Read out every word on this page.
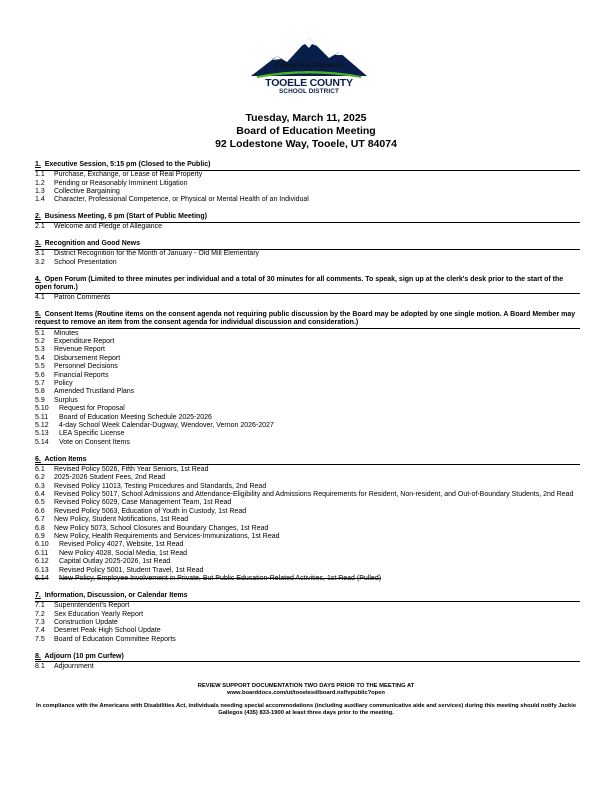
Education Elevated
TOOELE COUNTY
SCHOOL DISTRICT
Tuesday, March 11, 2025
Board of Education Meeting
92 Lodestone Way, Tooele, UT 84074
1. Executive Session, 5:15 pm (Closed to the Public)
1.1	Purchase, Exchange, or Lease of Real Property
1.2	Pending or Reasonably Imminent Litigation
1.3	Collective Bargaining
1.4	Character, Professional Competence, or Physical or Mental Health of an Individual
2. Business Meeting, 6 pm (Start of Public Meeting)
2.1	Welcome and Pledge of Allegiance
3. Recognition and Good News
3.1	District Recognition for the Month of January - Old Mill Elementary
3.2	School Presentation
4. Open Forum (Limited to three minutes per individual and a total of 30 minutes for all comments. To speak, sign up at the clerk's desk prior to the start of the open forum.)
4.1	Patron Comments
5. Consent Items (Routine items on the consent agenda not requiring public discussion by the Board may be adopted by one single motion. A Board Member may request to remove an item from the consent agenda for individual discussion and consideration.)
5.1	Minutes
5.2	Expenditure Report
5.3	Revenue Report
5.4	Disbursement Report
5.5	Personnel Decisions
5.6	Financial Reports
5.7	Policy
5.8	Amended Trustland Plans
5.9	Surplus
5.10	Request for Proposal
5.11	Board of Education Meeting Schedule 2025-2026
5.12	4-day School Week Calendar-Dugway, Wendover, Vernon 2026-2027
5.13	LEA Specific License
5.14	Vote on Consent Items
6. Action Items
6.1	Revised Policy 5026, Fifth Year Seniors, 1st Read
6.2	2025-2026 Student Fees, 2nd Read
6.3	Revised Policy 11013, Testing Procedures and Standards, 2nd Read
6.4	Revised Policy 5017, School Admissions and Attendance-Eligibility and Admissions Requirements for Resident, Non-resident, and Out-of-Boundary Students, 2nd Read
6.5	Revised Policy 6029, Case Management Team, 1st Read
6.6	Revised Policy 5063, Education of Youth in Custody, 1st Read
6.7	New Policy, Student Notifications, 1st Read
6.8	New Policy 5073, School Closures and Boundary Changes, 1st Read
6.9	New Policy, Health Requirements and Services-Immunizations, 1st Read
6.10	Revised Policy 4027, Website, 1st Read
6.11	New Policy 4028, Social Media, 1st Read
6.12	Capital Outlay 2025-2026, 1st Read
6.13	Revised Policy 5001, Student Travel, 1st Read
6.14	New Policy, Employee Involvement in Private, But Public Education-Related Activities, 1st Read (Pulled)
7. Information, Discussion, or Calendar Items
7.1	Superintendent's Report
7.2	Sex Education Yearly Report
7.3	Construction Update
7.4	Deseret Peak High School Update
7.5	Board of Education Committee Reports
8. Adjourn (10 pm Curfew)
8.1	Adjournment
REVIEW SUPPORT DOCUMENTATION TWO DAYS PRIOR TO THE MEETING AT
www.boarddocs.com/ut/tooelesd/board.nsf/vpublic?open
In compliance with the Americans with Disabilities Act, individuals needing special accommodations (including auxiliary communicative aide and services) during this meeting should notify Jackie Gallegos (435) 833-1900 at least three days prior to the meeting.
